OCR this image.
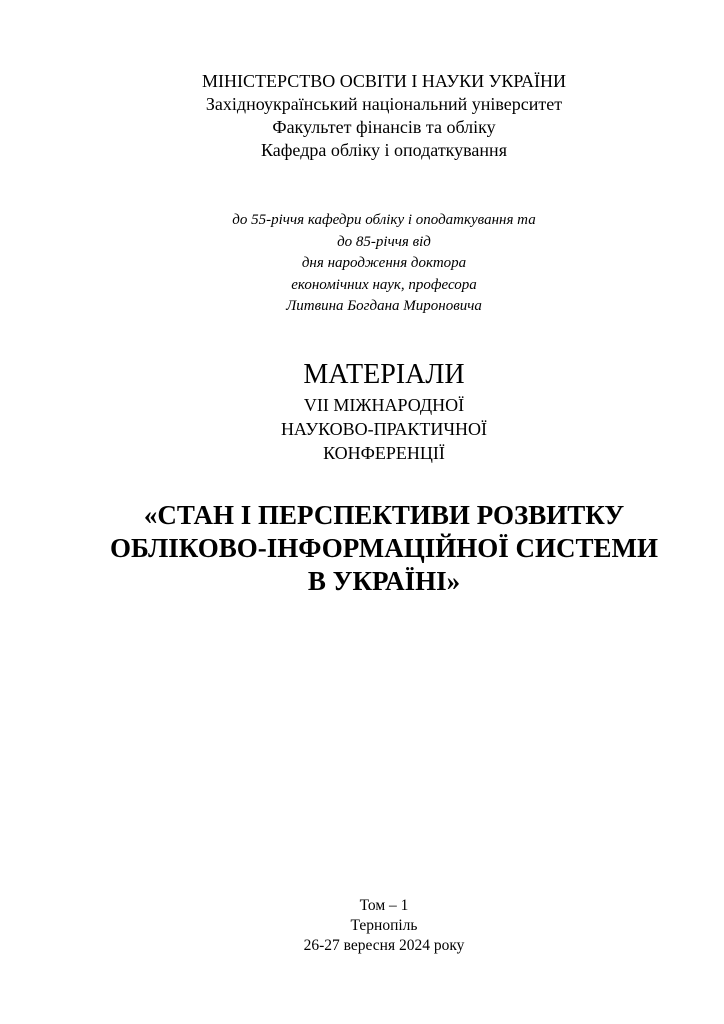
МІНІСТЕРСТВО ОСВІТИ І НАУКИ УКРАЇНИ
Західноукраїнський національний університет
Факультет фінансів та обліку
Кафедра обліку і оподаткування
до 55-річчя кафедри обліку і оподаткування та
до 85-річчя від
дня народження доктора
економічних наук, професора
Литвина Богдана Мироновича
МАТЕРІАЛИ
VII МІЖНАРОДНОЇ
НАУКОВО-ПРАКТИЧНОЇ
КОНФЕРЕНЦІЇ
«СТАН І ПЕРСПЕКТИВИ РОЗВИТКУ
ОБЛІКОВО-ІНФОРМАЦІЙНОЇ СИСТЕМИ
В УКРАЇНІ»
Том – 1
Тернопіль
26-27 вересня 2024 року
